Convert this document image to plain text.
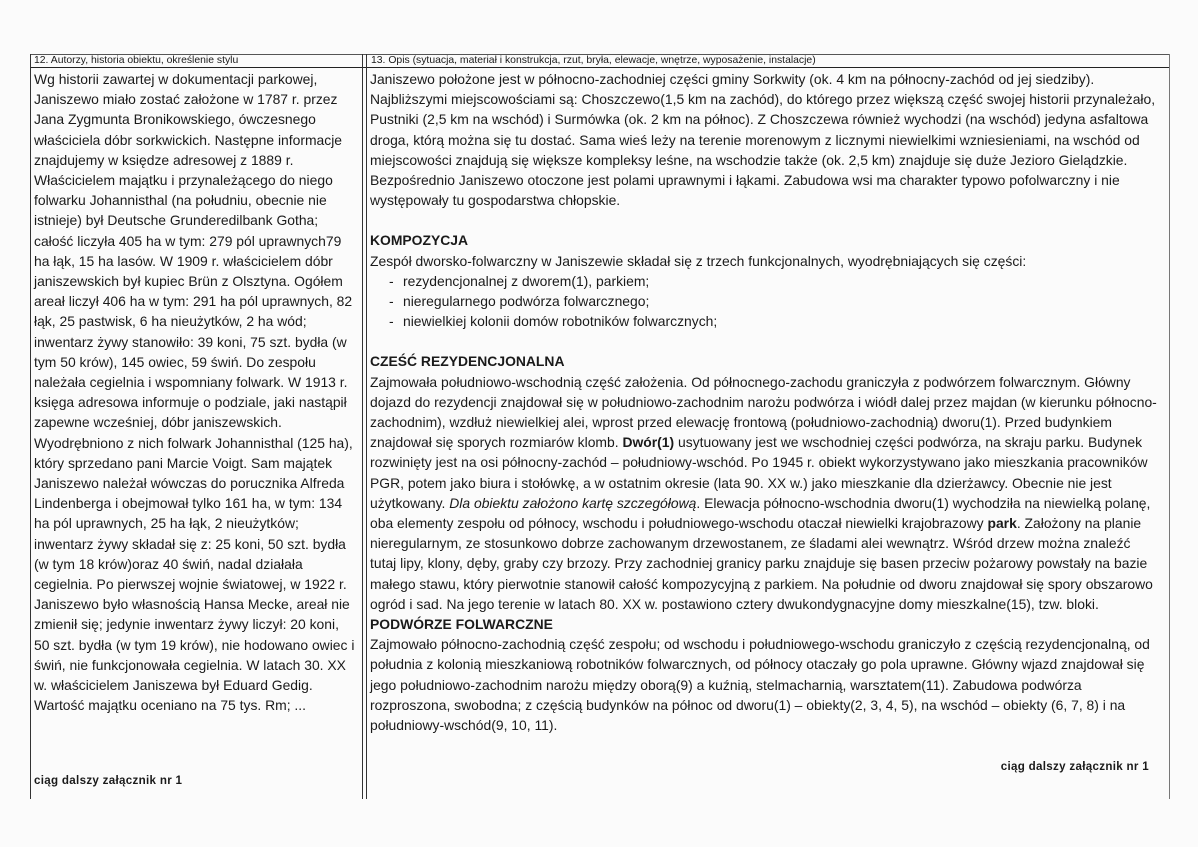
12. Autorzy, historia obiektu, określenie stylu	13. Opis (sytuacja, materiał i konstrukcja, rzut, bryła, elewacje, wnętrze, wyposażenie, instalacje)

Wg historii zawartej w dokumentacji parkowej, Janiszewo miało zostać założone w 1787 r. przez Jana Zygmunta Bronikowskiego, ówczesnego właściciela dóbr sorkwickich. Następne informacje znajdujemy w księdze adresowej z 1889 r. Właścicielem majątku i przynależącego do niego folwarku Johannisthal (na południu, obecnie nie istnieje) był Deutsche Grunderedilbank Gotha; całość liczyła 405 ha w tym: 279 pól uprawnych79 ha łąk, 15 ha lasów. W 1909 r. właścicielem dóbr janiszewskich był kupiec Brün z Olsztyna. Ogółem areał liczył 406 ha w tym: 291 ha pól uprawnych, 82 łąk, 25 pastwisk, 6 ha nieużytków, 2 ha wód; inwentarz żywy stanowiło: 39 koni, 75 szt. bydła (w tym 50 krów), 145 owiec, 59 świń. Do zespołu należała cegielnia i wspomniany folwark. W 1913 r. księga adresowa informuje o podziale, jaki nastąpił zapewne wcześniej, dóbr janiszewskich. Wyodrębniono z nich folwark Johannisthal (125 ha), który sprzedano pani Marcie Voigt. Sam majątek Janiszewo należał wówczas do porucznika Alfreda Lindenberga i obejmował tylko 161 ha, w tym: 134 ha pól uprawnych, 25 ha łąk, 2 nieużytków; inwentarz żywy składał się z: 25 koni, 50 szt. bydła (w tym 18 krów)oraz 40 świń, nadal działała cegielnia. Po pierwszej wojnie światowej, w 1922 r. Janiszewo było własnością Hansa Mecke, areał nie zmienił się; jedynie inwentarz żywy liczył: 20 koni, 50 szt. bydła (w tym 19 krów), nie hodowano owiec i świń, nie funkcjonowała cegielnia. W latach 30. XX w. właścicielem Janiszewa był Eduard Gedig. Wartość majątku oceniano na 75 tys. Rm; ...

ciąg dalszy załącznik nr 1

Janiszewo położone jest w północno-zachodniej części gminy Sorkwity (ok. 4 km na północny-zachód od jej siedziby). Najbliższymi miejscowościami są: Choszczewo(1,5 km na zachód), do którego przez większą część swojej historii przynależało, Pustniki (2,5 km na wschód) i Surmówka (ok. 2 km na północ). Z Choszczewa również wychodzi (na wschód) jedyna asfaltowa droga, którą można się tu dostać. Sama wieś leży na terenie morenowym z licznymi niewielkimi wzniesieniami, na wschód od miejscowości znajdują się większe kompleksy leśne, na wschodzie także (ok. 2,5 km) znajduje się duże Jezioro Gielądzkie. Bezpośrednio Janiszewo otoczone jest polami uprawnymi i łąkami. Zabudowa wsi ma charakter typowo pofolwarczny i nie występowały tu gospodarstwa chłopskie.

KOMPOZYCJA

Zespół dworsko-folwarczny w Janiszewie składał się z trzech funkcjonalnych, wyodrębniających się części:

- rezydencjonalnej z dworem(1), parkiem;
- nieregularnego podwórza folwarcznego;
- niewielkiej kolonii domów robotników folwarcznych;

CZEŚĆ REZYDENCJONALNA

Zajmowała południowo-wschodnią część założenia. Od północnego-zachodu graniczyła z podwórzem folwarcznym. Główny dojazd do rezydencji znajdował się w południowo-zachodnim narożu podwórza i wiódł dalej przez majdan (w kierunku północno-zachodnim), wzdłuż niewielkiej alei, wprost przed elewację frontową (południowo-zachodnią) dworu(1). Przed budynkiem znajdował się sporych rozmiarów klomb. Dwór(1) usytuowany jest we wschodniej części podwórza, na skraju parku. Budynek rozwinięty jest na osi północny-zachód – południowy-wschód. Po 1945 r. obiekt wykorzystywano jako mieszkania pracowników PGR, potem jako biura i stołówkę, a w ostatnim okresie (lata 90. XX w.) jako mieszkanie dla dzierżawcy. Obecnie nie jest użytkowany. Dla obiektu założono kartę szczegółową. Elewacja północno-wschodnia dworu(1) wychodziła na niewielką polanę, oba elementy zespołu od północy, wschodu i południowego-wschodu otaczał niewielki krajobrazowy park. Założony na planie nieregularnym, ze stosunkowo dobrze zachowanym drzewostanem, ze śladami alei wewnątrz. Wśród drzew można znaleźć tutaj lipy, klony, dęby, graby czy brzozy. Przy zachodniej granicy parku znajduje się basen przeciw pożarowy powstały na bazie małego stawu, który pierwotnie stanowił całość kompozycyjną z parkiem. Na południe od dworu znajdował się spory obszarowo ogród i sad. Na jego terenie w latach 80. XX w. postawiono cztery dwukondygnacyjne domy mieszkalne(15), tzw. bloki.

PODWÓRZE FOLWARCZNE

Zajmowało północno-zachodnią część zespołu; od wschodu i południowego-wschodu graniczyło z częścią rezydencjonalną, od południa z kolonią mieszkaniową robotników folwarcznych, od północy otaczały go pola uprawne. Główny wjazd znajdował się jego południowo-zachodnim narożu między oborą(9) a kuźnią, stelmacharnią, warsztatem(11). Zabudowa podwórza rozproszona, swobodna; z częścią budynków na północ od dworu(1) – obiekty(2, 3, 4, 5), na wschód – obiekty (6, 7, 8) i na południowy-wschód(9, 10, 11).

ciąg dalszy załącznik nr 1
